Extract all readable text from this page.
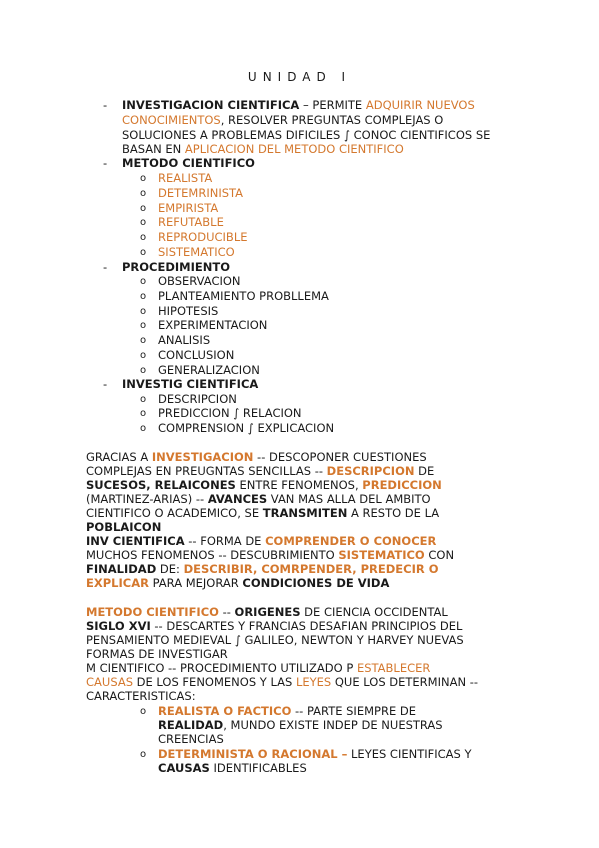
UNIDAD I
- INVESTIGACION CIENTIFICA – PERMITE ADQUIRIR NUEVOS
CONOCIMIENTOS, RESOLVER PREGUNTAS COMPLEJAS O
SOLUCIONES A PROBLEMAS DIFICILES ∫ CONOC CIENTIFICOS SE
BASAN EN APLICACION DEL METODO CIENTIFICO
- METODO CIENTIFICO
o REALISTA
o DETEMRINISTA
o EMPIRISTA
o REFUTABLE
o REPRODUCIBLE
o SISTEMATICO
- PROCEDIMIENTO
o OBSERVACION
o PLANTEAMIENTO PROBLLEMA
o HIPOTESIS
o EXPERIMENTACION
o ANALISIS
o CONCLUSION
o GENERALIZACION
- INVESTIG CIENTIFICA
o DESCRIPCION
o PREDICCION ∫ RELACION
o COMPRENSION ∫ EXPLICACION
GRACIAS A INVESTIGACION -- DESCOPONER CUESTIONES
COMPLEJAS EN PREUGNTAS SENCILLAS -- DESCRIPCION DE
SUCESOS, RELAICONES ENTRE FENOMENOS, PREDICCION
(MARTINEZ-ARIAS) -- AVANCES VAN MAS ALLA DEL AMBITO
CIENTIFICO O ACADEMICO, SE TRANSMITEN A RESTO DE LA
POBLAICON
INV CIENTIFICA -- FORMA DE COMPRENDER O CONOCER
MUCHOS FENOMENOS -- DESCUBRIMIENTO SISTEMATICO CON
FINALIDAD DE: DESCRIBIR, COMRPENDER, PREDECIR O
EXPLICAR PARA MEJORAR CONDICIONES DE VIDA
METODO CIENTIFICO -- ORIGENES DE CIENCIA OCCIDENTAL
SIGLO XVI -- DESCARTES Y FRANCIAS DESAFIAN PRINCIPIOS DEL
PENSAMIENTO MEDIEVAL ∫ GALILEO, NEWTON Y HARVEY NUEVAS
FORMAS DE INVESTIGAR
M CIENTIFICO -- PROCEDIMIENTO UTILIZADO P ESTABLECER
CAUSAS DE LOS FENOMENOS Y LAS LEYES QUE LOS DETERMINAN --
CARACTERISTICAS:
o REALISTA O FACTICO -- PARTE SIEMPRE DE
REALIDAD, MUNDO EXISTE INDEP DE NUESTRAS
CREENCIAS
o DETERMINISTA O RACIONAL – LEYES CIENTIFICAS Y
CAUSAS IDENTIFICABLES
